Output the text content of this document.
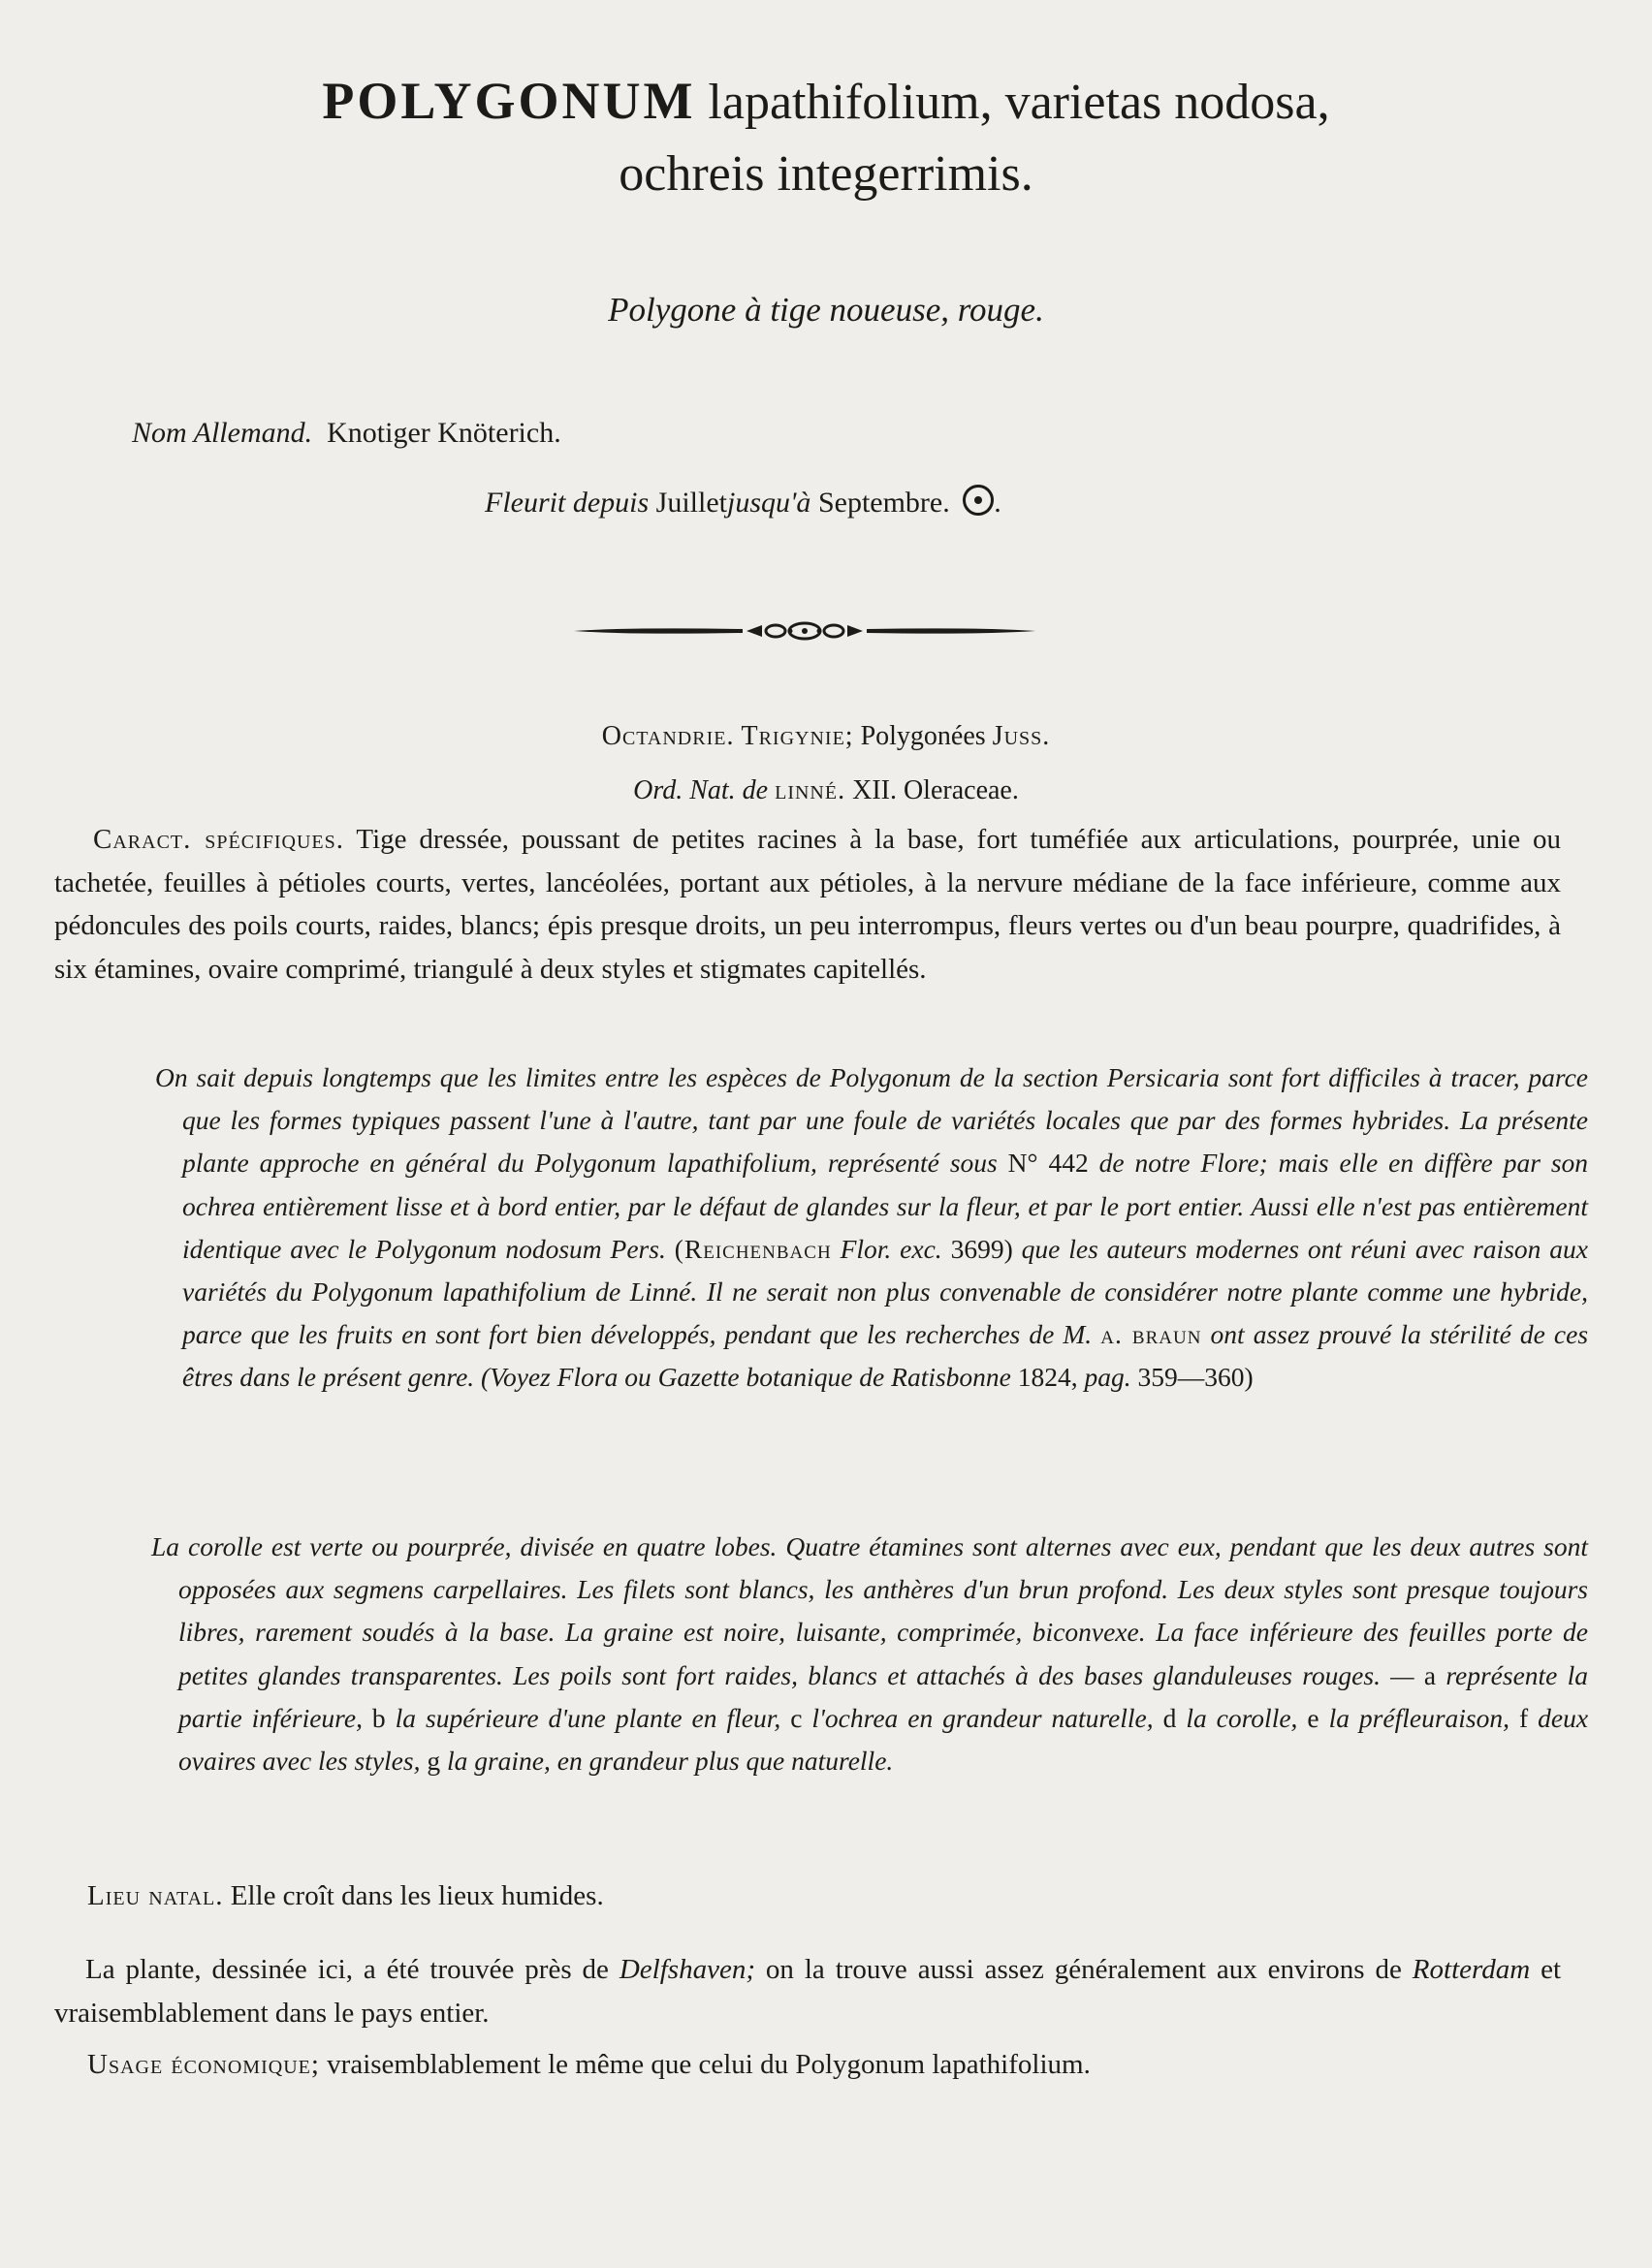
POLYGONUM lapathifolium, varietas nodosa,
ochreis integerrimis.
Polygone à tige noueuse, rouge.
Nom Allemand. Knotiger Knöterich.
Fleurit depuis Juilletjusqu'à Septembre. .
Octandrie. Trigynie; Polygonées Juss.
Ord. Nat. de linné. XII. Oleraceae.

Caract. spécifiques. Tige dressée, poussant de petites racines à la base, fort tuméfiée aux articulations, pourprée, unie ou tachetée, feuilles à pétioles courts, vertes, lancéolées, portant aux pétioles, à la nervure médiane de la face inférieure, comme aux pédoncules des poils courts, raides, blancs; épis presque droits, un peu interrompus, fleurs vertes ou d'un beau pourpre, quadrifides, à six étamines, ovaire comprimé, triangulé à deux styles et stigmates capitellés.

On sait depuis longtemps que les limites entre les espèces de Polygonum de la section Persicaria sont fort difficiles à tracer, parce que les formes typiques passent l'une à l'autre, tant par une foule de variétés locales que par des formes hybrides. La présente plante approche en général du Polygonum lapathifolium, représenté sous N° 442 de notre Flore; mais elle en diffère par son ochrea entièrement lisse et à bord entier, par le défaut de glandes sur la fleur, et par le port entier. Aussi elle n'est pas entièrement identique avec le Polygonum nodosum Pers. (Reichenbach Flor. exc. 3699) que les auteurs modernes ont réuni avec raison aux variétés du Polygonum lapathifolium de Linné. Il ne serait non plus convenable de considérer notre plante comme une hybride, parce que les fruits en sont fort bien développés, pendant que les recherches de M. a. braun ont assez prouvé la stérilité de ces êtres dans le présent genre. (Voyez Flora ou Gazette botanique de Ratisbonne 1824, pag. 359—360)

La corolle est verte ou pourprée, divisée en quatre lobes. Quatre étamines sont alternes avec eux, pendant que les deux autres sont opposées aux segmens carpellaires. Les filets sont blancs, les anthères d'un brun profond. Les deux styles sont presque toujours libres, rarement soudés à la base. La graine est noire, luisante, comprimée, biconvexe. La face inférieure des feuilles porte de petites glandes transparentes. Les poils sont fort raides, blancs et attachés à des bases glanduleuses rouges. — a représente la partie inférieure, b la supérieure d'une plante en fleur, c l'ochrea en grandeur naturelle, d la corolle, e la préfleuraison, f deux ovaires avec les styles, g la graine, en grandeur plus que naturelle.

Lieu natal. Elle croît dans les lieux humides.

La plante, dessinée ici, a été trouvée près de Delfshaven; on la trouve aussi assez généralement aux environs de Rotterdam et vraisemblablement dans le pays entier.

Usage économique; vraisemblablement le même que celui du Polygonum lapathifolium.
